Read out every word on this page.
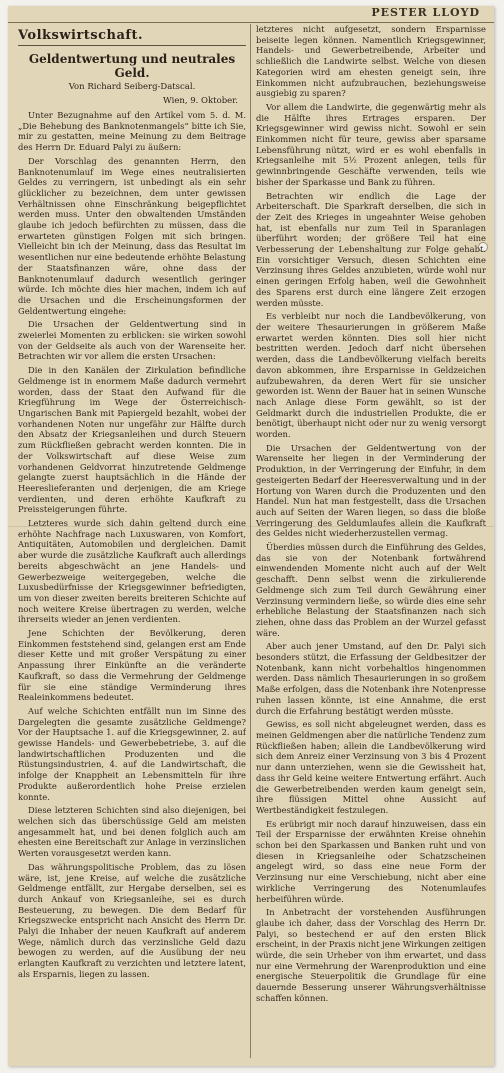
PESTER LLOYD
Volkswirtschaft.
Geldentwertung und neutrales Geld.
Von Richard Seiberg-Datscal.
Wien, 9. Oktober.

Unter Bezugnahme auf den Artikel vom 5. d. M. „Die Behebung des Banknotenmangels“ bitte ich Sie, mir zu gestatten, meine Meinung zu dem Beitrage des Herrn Dr. Eduard Palyi zu äußern:

Der Vorschlag des genannten Herrn, den Banknotenumlauf im Wege eines neutralisierten Geldes zu verringern, ist unbedingt als ein sehr glücklicher zu bezeichnen, dem unter gewissen Verhältnissen ohne Einschränkung beigepflichtet werden muss. Unter den obwaltenden Umständen glaube ich jedoch befürchten zu müssen, dass die erwarteten günstigen Folgen mit sich bringen. Vielleicht bin ich der Meinung, dass das Resultat im wesentlichen nur eine bedeutende erhöhte Belastung der Staatsfinanzen wäre, ohne dass der Banknotenumlauf dadurch wesentlich geringer würde. Ich möchte dies hier machen, indem ich auf die Ursachen und die Erscheinungsformen der Geldentwertung eingehe:

Die Ursachen der Geldentwertung sind in zweierlei Momenten zu erblicken: sie wirken sowohl von der Geldseite als auch von der Warenseite her. Betrachten wir vor allem die ersten Ursachen:

Die in den Kanälen der Zirkulation befindliche Geldmenge ist in enormem Maße dadurch vermehrt worden, dass der Staat den Aufwand für die Kriegführung im Wege der Österreichisch-Ungarischen Bank mit Papiergeld bezahlt, wobei der vorhandenen Noten nur ungefähr zur Hälfte durch den Absatz der Kriegsanleihen und durch Steuern zum Rückfließen gebracht werden konnten. Die in der Volkswirtschaft auf diese Weise zum vorhandenen Geldvorrat hinzutretende Geldmenge gelangte zuerst hauptsächlich in die Hände der Heereslieferanten und derjenigen, die am Kriege verdienten, und deren erhöhte Kaufkraft zu Preissteigerungen führte.

Letzteres wurde sich dahin geltend durch eine erhöhte Nachfrage nach Luxuswaren, von Komfort, Antiquitäten, Automobilen und dergleichen. Damit aber wurde die zusätzliche Kaufkraft auch allerdings bereits abgeschwächt an jene Handels- und Gewerbezweige weitergegeben, welche die Luxusbedürfnisse der Kriegsgewinner befriedigten, um von dieser zweiten bereits breiteren Schichte auf noch weitere Kreise übertragen zu werden, welche ihrerseits wieder an jenen verdienten.

Jene Schichten der Bevölkerung, deren Einkommen feststehend sind, gelangen erst am Ende dieser Kette und mit großer Verspätung zu einer Anpassung ihrer Einkünfte an die veränderte Kaufkraft, so dass die Vermehrung der Geldmenge für sie eine ständige Verminderung ihres Realeinkommens bedeutet.

Auf welche Schichten entfällt nun im Sinne des Dargelegten die gesamte zusätzliche Geldmenge? Vor der Hauptsache 1. auf die Kriegsgewinner, 2. auf gewisse Handels- und Gewerbebetriebe, 3. auf die landwirtschaftlichen Produzenten und die Rüstungsindustrien, 4. auf die Landwirtschaft, die infolge der Knappheit an Lebensmitteln für ihre Produkte außerordentlich hohe Preise erzielen konnte.

Diese letzteren Schichten sind also diejenigen, bei welchen sich das überschüssige Geld am meisten angesammelt hat, und bei denen folglich auch am ehesten eine Bereitschaft zur Anlage in verzinslichen Werten vorausgesetzt werden kann.

Das währungspolitische Problem, das zu lösen wäre, ist, jene Kreise, auf welche die zusätzliche Geldmenge entfällt, zur Hergabe derselben, sei es durch Ankauf von Kriegsanleihe, sei es durch Besteuerung, zu bewegen. Die dem Bedarf für Kriegszwecke entspricht nach Ansicht des Herrn Dr. Palyi die Inhaber der neuen Kaufkraft auf anderem Wege, nämlich durch das verzinsliche Geld dazu bewogen zu werden, auf die Ausübung der neu erlangten Kaufkraft zu verzichten und letztere latent, als Ersparnis, liegen zu lassen.

letzteres nicht aufgesetzt, sondern Ersparnisse beiseite legen können. Namentlich Kriegsgewinner, Handels- und Gewerbetreibende, Arbeiter und schließlich die Landwirte selbst. Welche von diesen Kategorien wird am ehesten geneigt sein, ihre Einkommen nicht aufzubrauchen, beziehungsweise ausgiebig zu sparen?

Vor allem die Landwirte, die gegenwärtig mehr als die Hälfte ihres Ertrages ersparen. Der Kriegsgewinner wird gewiss nicht. Sowohl er sein Einkommen nicht für teure, gewiss aber sparsame Lebensführung nützt, wird er es wohl ebenfalls in Kriegsanleihe mit 5½ Prozent anlegen, teils für gewinnbringende Geschäfte verwenden, teils wie bisher der Sparkasse und Bank zu führen.

Betrachten wir endlich die Lage der Arbeiterschaft. Die Sparkraft derselben, die sich in der Zeit des Krieges in ungeahnter Weise gehoben hat, ist ebenfalls nur zum Teil in Sparanlagen überführt worden; der größere Teil hat eine Verbesserung der Lebenshaltung zur Folge gehabt. Ein vorsichtiger Versuch, diesen Schichten eine Verzinsung ihres Geldes anzubieten, würde wohl nur einen geringen Erfolg haben, weil die Gewohnheit des Sparens erst durch eine längere Zeit erzogen werden müsste.

Es verbleibt nur noch die Landbevölkerung, von der weitere Thesaurierungen in größerem Maße erwartet werden könnten. Dies soll hier nicht bestritten werden. Jedoch darf nicht übersehen werden, dass die Landbevölkerung vielfach bereits davon abkommen, ihre Ersparnisse in Geldzeichen aufzubewahren, da deren Wert für sie unsicher geworden ist. Wenn der Bauer hat in seinen Wunsche nach Anlage diese Form gewählt, so ist der Geldmarkt durch die industriellen Produkte, die er benötigt, überhaupt nicht oder nur zu wenig versorgt worden.

Die Ursachen der Geldentwertung von der Warenseite her liegen in der Verminderung der Produktion, in der Verringerung der Einfuhr, in dem gesteigerten Bedarf der Heeresverwaltung und in der Hortung von Waren durch die Produzenten und den Handel. Nun hat man festgestellt, dass die Ursachen auch auf Seiten der Waren liegen, so dass die bloße Verringerung des Geldumlaufes allein die Kaufkraft des Geldes nicht wiederherzustellen vermag.

Überdies müssen durch die Einführung des Geldes, das sie von der Notenbank fortwährend einwendenden Momente nicht auch auf der Welt geschafft. Denn selbst wenn die zirkulierende Geldmenge sich zum Teil durch Gewährung einer Verzinsung vermindern ließe, so würde dies eine sehr erhebliche Belastung der Staatsfinanzen nach sich ziehen, ohne dass das Problem an der Wurzel gefasst wäre.

Aber auch jener Umstand, auf den Dr. Palyi sich besonders stützt, die Erfassung der Geldbesitzer der Notenbank, kann nicht vorbehaltlos hingenommen werden. Dass nämlich Thesaurierungen in so großem Maße erfolgen, dass die Notenbank ihre Notenpresse ruhen lassen könnte, ist eine Annahme, die erst durch die Erfahrung bestätigt werden müsste.

Gewiss, es soll nicht abgeleugnet werden, dass es meinen Geldmengen aber die natürliche Tendenz zum Rückfließen haben; allein die Landbevölkerung wird sich dem Anreiz einer Verzinsung von 3 bis 4 Prozent nur dann unterziehen, wenn sie die Gewissheit hat, dass ihr Geld keine weitere Entwertung erfährt. Auch die Gewerbetreibenden werden kaum geneigt sein, ihre flüssigen Mittel ohne Aussicht auf Wertbeständigkeit festzulegen.

Es erübrigt mir noch darauf hinzuweisen, dass ein Teil der Ersparnisse der erwähnten Kreise ohnehin schon bei den Sparkassen und Banken ruht und von diesen in Kriegsanleihe oder Schatzscheinen angelegt wird, so dass eine neue Form der Verzinsung nur eine Verschiebung, nicht aber eine wirkliche Verringerung des Notenumlaufes herbeiführen würde.

In Anbetracht der vorstehenden Ausführungen glaube ich daher, dass der Vorschlag des Herrn Dr. Palyi, so bestechend er auf den ersten Blick erscheint, in der Praxis nicht jene Wirkungen zeitigen würde, die sein Urheber von ihm erwartet, und dass nur eine Vermehrung der Warenproduktion und eine energische Steuerpolitik die Grundlage für eine dauernde Besserung unserer Währungsverhältnisse schaffen können.
